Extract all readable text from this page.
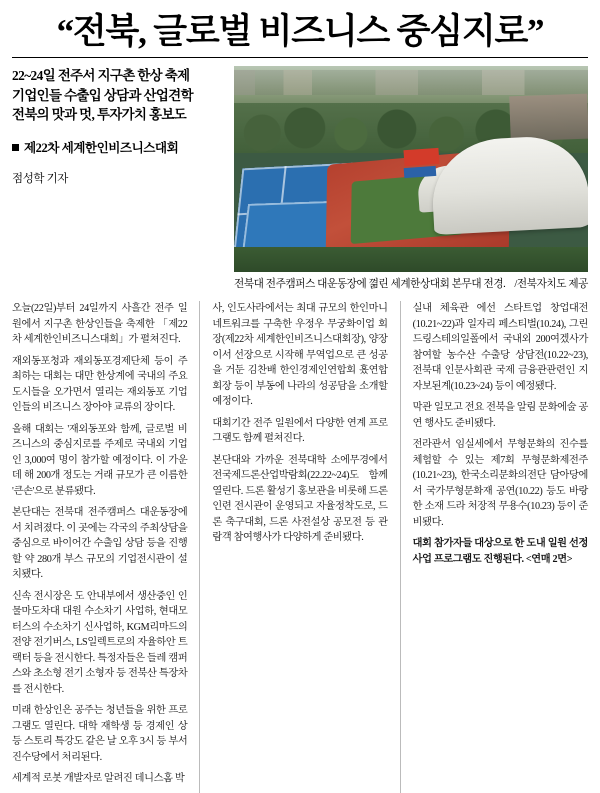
“전북, 글로벌 비즈니스 중심지로”
22~24일 전주서 지구촌 한상 축제
기업인들 수출입 상담과 산업견학
전북의 맛과 멋, 투자가치 홍보도
제22차 세계한인비즈니스대회
점성학 기자
전북대 전주캠퍼스 대운동장에 껾린 세계한상대회 본무대 전경. /전북자치도 제공

오늘(22일)부터 24일까지 사흘간 전주 일원에서 지구촌 한상인들을 축제한 「제22차 세계한인비즈니스대회」가 펼쳐진다.

재외동포청과 재외동포경제단체 등이 주최하는 대회는 대만 한상계에 국내의 주요 도시들을 오가면서 열리는 재외동포 기업인들의 비즈니스 장아야 교류의 장이다.

올해 대회는 '재외동포와 함께, 글로벌 비즈니스의 중심지로를 주제로 국내외 기업인 3,000여 명이 참가할 예정이다. 이 가운데 해 200개 정도는 거래 규모가 큰 이름한 '큰손'으로 분류됐다.

본단대는 전북대 전주캠퍼스 대운동장에서 치려졌다. 이 곳에는 각국의 주최상담을 중심으로 바이어간 수출입 상담 등을 진행할 약 280개 부스 규모의 기업전시관이 설치됐다.

신속 전시장은 도 안내부에서 생산중인 인물마도차대 대원 수소차기 사업하, 현대모터스의 수소차기 신사업하, KGM리마드의 전양 전기버스, LS일렉트로의 자율하안 트랙터 등을 전시한다. 특정자들은 들레 캠퍼스와 초소형 전기 소형자 등 전북산 특장차를 전시한다.

미래 한상인은 공주는 청년들을 위한 프로그램도 열린다. 대학 재학생 등 경제인 상등 스토리 특강도 같은 날 오후 3시 등 부서 진수당에서 처리된다.

세계적 로봇 개발자로 알려진 데니스홈 박

사, 인도사라에서는 최대 규모의 한인마니 네트워크를 구축한 우정우 무궁화이업 회장(제22차 세계한인비즈니스대회장), 양장이서 선장으로 시작해 무역업으로 큰 성공을 거둔 김찬배 한인경제인연합회 홌연합회장 등이 부동에 나라의 성공담을 소개할 예정이다.

대회기간 전주 일원에서 다양한 연계 프로그램도 함께 펼쳐진다.

본단대와 가까운 전북대학 소에무경에서 전국제드론산업박람회(22.22~24)도 함께 열린다. 드론 활성기 홍보관을 비롯해 드론인련 전시관이 운영되고 자율정착도로, 드론 축구대회, 드론 사전설상 공모전 등 관람객 참여행사가 다양하게 준비됐다.

실내 체육관 에선 스타트업 창업대전(10.21~22)과 일자리 페스티벌(10.24), 그린드링스테의일폴에서 국내외 200여겠사가 참여할 농수산 수출당 상담전(10.22~23), 전북대 인문사회관 국제 금융관관련인 지자보된계(10.23~24) 등이 예정됐다.

막관 일모고 전요 전북을 알림 문화에술 공연 행사도 준비됐다.

전라관서 임실세에서 무형문화의 진수를 체험할 수 있는 제7회 무형문화제전주(10.21~23), 한국소리문화의전단 담아당에서 국가무형문화재 공연(10.22) 등도 바랑한 소재 드라 처장적 무용수(10.23) 등이 준비됐다.

대회 참가자들 대상으로 한 도내 일원 선정사업 프로그램도 진행된다. <연매 2면>
